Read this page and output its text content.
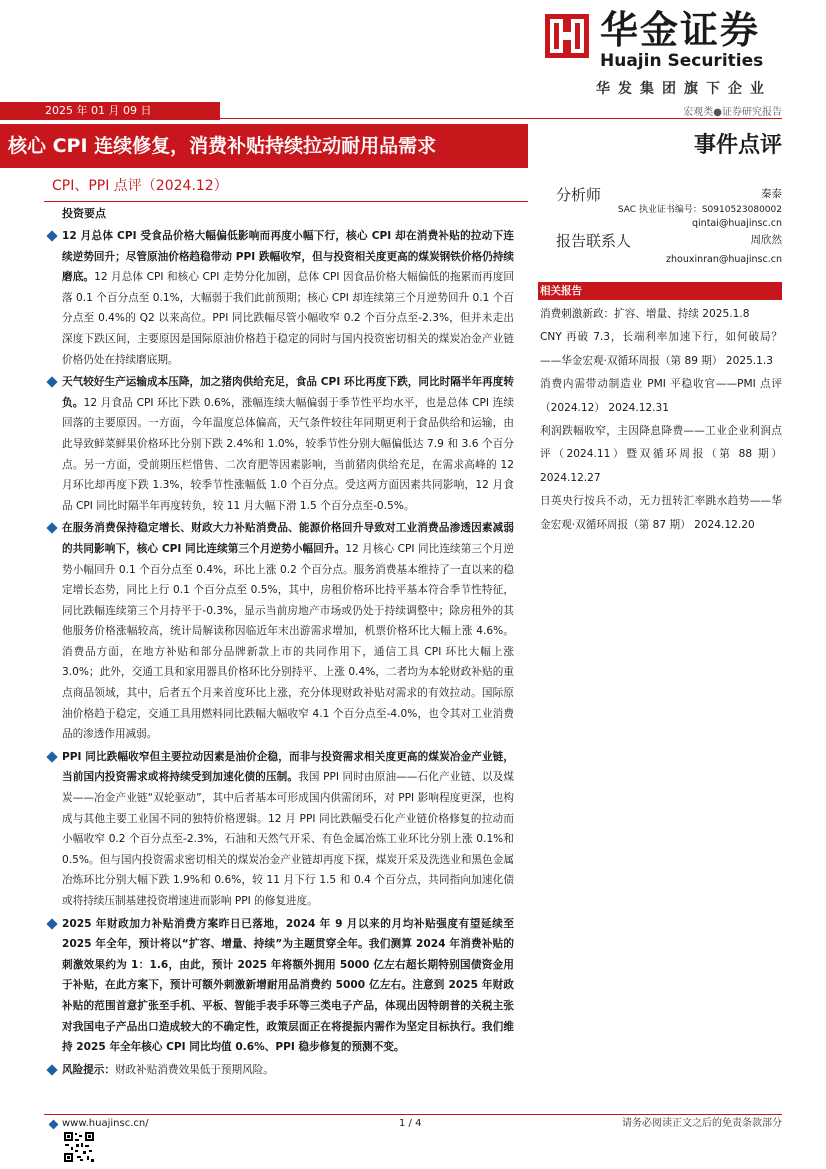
华金证券
Huajin Securities
华发集团旗下企业
2025 年 01 月 09 日	宏观类●证券研究报告
核心 CPI 连续修复，消费补贴持续拉动耐用品需求	事件点评
CPI、PPI 点评（2024.12）
投资要点
12 月总体 CPI 受食品价格大幅偏低影响而再度小幅下行，核心 CPI 却在消费补贴的拉动下连续逆势回升；尽管原油价格趋稳带动 PPI 跌幅收窄，但与投资相关度更高的煤炭钢铁价格仍持续磨底。12 月总体 CPI 和核心 CPI 走势分化加剧，总体 CPI 因食品价格大幅偏低的拖累而再度回落 0.1 个百分点至 0.1%，大幅弱于我们此前预期；核心 CPI 却连续第三个月逆势回升 0.1 个百分点至 0.4%的 Q2 以来高位。PPI 同比跌幅尽管小幅收窄 0.2 个百分点至-2.3%，但并未走出深度下跌区间，主要原因是国际原油价格趋于稳定的同时与国内投资密切相关的煤炭冶金产业链价格仍处在持续磨底期。
天气较好生产运输成本压降，加之猪肉供给充足，食品 CPI 环比再度下跌，同比时隔半年再度转负。12 月食品 CPI 环比下跌 0.6%，涨幅连续大幅偏弱于季节性平均水平，也是总体 CPI 连续回落的主要原因。一方面，今年温度总体偏高，天气条件较往年同期更利于食品供给和运输，由此导致鲜菜鲜果价格环比分别下跌 2.4%和 1.0%，较季节性分别大幅偏低达 7.9 和 3.6 个百分点。另一方面，受前期压栏惜售、二次育肥等因素影响，当前猪肉供给充足，在需求高峰的 12 月环比却再度下跌 1.3%，较季节性涨幅低 1.0 个百分点。受这两方面因素共同影响，12 月食品 CPI 同比时隔半年再度转负，较 11 月大幅下滑 1.5 个百分点至-0.5%。
在服务消费保持稳定增长、财政大力补贴消费品、能源价格回升导致对工业消费品渗透因素减弱的共同影响下，核心 CPI 同比连续第三个月逆势小幅回升。12 月核心 CPI 同比连续第三个月逆势小幅回升 0.1 个百分点至 0.4%，环比上涨 0.2 个百分点。服务消费基本维持了一直以来的稳定增长态势，同比上行 0.1 个百分点至 0.5%，其中，房租价格环比持平基本符合季节性特征，同比跌幅连续第三个月持平于-0.3%，显示当前房地产市场或仍处于持续调整中；除房租外的其他服务价格涨幅较高，统计局解读称因临近年末出游需求增加，机票价格环比大幅上涨 4.6%。消费品方面，在地方补贴和部分品牌新款上市的共同作用下，通信工具 CPI 环比大幅上涨 3.0%；此外，交通工具和家用器具价格环比分别持平、上涨 0.4%，二者均为本轮财政补贴的重点商品领域，其中，后者五个月来首度环比上涨，充分体现财政补贴对需求的有效拉动。国际原油价格趋于稳定，交通工具用燃料同比跌幅大幅收窄 4.1 个百分点至-4.0%，也令其对工业消费品的渗透作用减弱。
PPI 同比跌幅收窄但主要拉动因素是油价企稳，而非与投资需求相关度更高的煤炭冶金产业链，当前国内投资需求或将持续受到加速化债的压制。我国 PPI 同时由原油——石化产业链、以及煤炭——冶金产业链“双轮驱动”，其中后者基本可形成国内供需闭环，对 PPI 影响程度更深，也构成与其他主要工业国不同的独特价格逻辑。12 月 PPI 同比跌幅受石化产业链价格修复的拉动而小幅收窄 0.2 个百分点至-2.3%，石油和天然气开采、有色金属冶炼工业环比分别上涨 0.1%和 0.5%。但与国内投资需求密切相关的煤炭冶金产业链却再度下探，煤炭开采及洗选业和黑色金属冶炼环比分别大幅下跌 1.9%和 0.6%，较 11 月下行 1.5 和 0.4 个百分点，共同指向加速化债或将持续压制基建投资增速进而影响 PPI 的修复进度。
2025 年财政加力补贴消费方案昨日已落地，2024 年 9 月以来的月均补贴强度有望延续至 2025 年全年，预计将以“扩容、增量、持续”为主题贯穿全年。我们测算 2024 年消费补贴的刺激效果约为 1：1.6，由此，预计 2025 年将额外拥用 5000 亿左右超长期特别国债资金用于补贴，在此方案下，预计可额外刺激新增耐用品消费约 5000 亿左右。注意到 2025 年财政补贴的范围首意扩张至手机、平板、智能手表手环等三类电子产品，体现出因特朗普的关税主张对我国电子产品出口造成较大的不确定性，政策层面正在将提振内需作为坚定目标执行。我们维持 2025 年全年核心 CPI 同比均值 0.6%、PPI 稳步修复的预测不变。
风险提示：财政补贴消费效果低于预期风险。
分析师	秦泰
SAC 执业证书编号：S0910523080002
qintai@huajinsc.cn
报告联系人	周欣然
zhouxinran@huajinsc.cn
相关报告
消费刺激新政：扩容、增量、持续 2025.1.8
CNY 再破 7.3，长端利率加速下行，如何破局？——华金宏观·双循环周报（第 89 期） 2025.1.3
消费内需带动制造业 PMI 平稳收官——PMI 点评（2024.12） 2024.12.31
利润跌幅收窄，主因降息降费——工业企业利润点评（2024.11）暨双循环周报（第 88 期） 2024.12.27
日英央行按兵不动，无力扭转汇率跳水趋势——华金宏观·双循环周报（第 87 期） 2024.12.20
www.huajinsc.cn/	1 / 4	请务必阅读正文之后的免责条款部分
